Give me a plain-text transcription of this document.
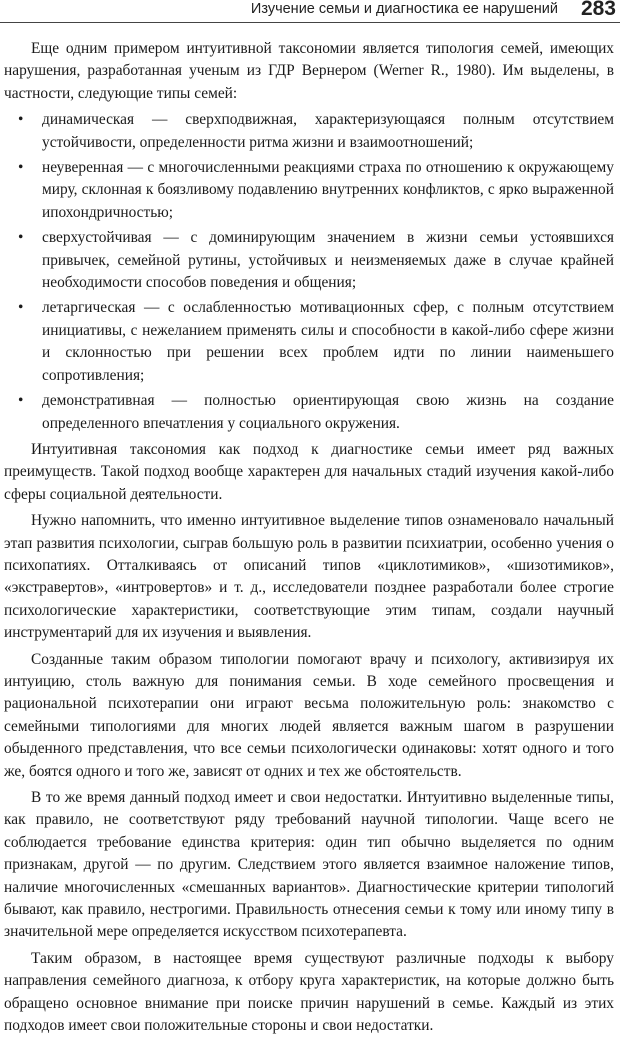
Изучение семьи и диагностика ее нарушений 283

Еще одним примером интуитивной таксономии является типология семей, имеющих нарушения, разработанная ученым из ГДР Вернером (Werner R., 1980). Им выделены, в частности, следующие типы семей:

• динамическая — сверхподвижная, характеризующаяся полным отсутствием устойчивости, определенности ритма жизни и взаимоотношений;
• неуверенная — с многочисленными реакциями страха по отношению к окружающему миру, склонная к боязливому подавлению внутренних конфликтов, с ярко выраженной ипохондричностью;
• сверхустойчивая — с доминирующим значением в жизни семьи устоявшихся привычек, семейной рутины, устойчивых и неизменяемых даже в случае крайней необходимости способов поведения и общения;
• летаргическая — с ослабленностью мотивационных сфер, с полным отсутствием инициативы, с нежеланием применять силы и способности в какой-либо сфере жизни и склонностью при решении всех проблем идти по линии наименьшего сопротивления;
• демонстративная — полностью ориентирующая свою жизнь на создание определенного впечатления у социального окружения.

Интуитивная таксономия как подход к диагностике семьи имеет ряд важных преимуществ. Такой подход вообще характерен для начальных стадий изучения какой-либо сферы социальной деятельности.

Нужно напомнить, что именно интуитивное выделение типов ознаменовало начальный этап развития психологии, сыграв большую роль в развитии психиатрии, особенно учения о психопатиях. Отталкиваясь от описаний типов «циклотимиков», «шизотимиков», «экстравертов», «интровертов» и т. д., исследователи позднее разработали более строгие психологические характеристики, соответствующие этим типам, создали научный инструментарий для их изучения и выявления.

Созданные таким образом типологии помогают врачу и психологу, активизируя их интуицию, столь важную для понимания семьи. В ходе семейного просвещения и рациональной психотерапии они играют весьма положительную роль: знакомство с семейными типологиями для многих людей является важным шагом в разрушении обыденного представления, что все семьи психологически одинаковы: хотят одного и того же, боятся одного и того же, зависят от одних и тех же обстоятельств.

В то же время данный подход имеет и свои недостатки. Интуитивно выделенные типы, как правило, не соответствуют ряду требований научной типологии. Чаще всего не соблюдается требование единства критерия: один тип обычно выделяется по одним признакам, другой — по другим. Следствием этого является взаимное наложение типов, наличие многочисленных «смешанных вариантов». Диагностические критерии типологий бывают, как правило, нестрогими. Правильность отнесения семьи к тому или иному типу в значительной мере определяется искусством психотерапевта.

Таким образом, в настоящее время существуют различные подходы к выбору направления семейного диагноза, к отбору круга характеристик, на которые должно быть обращено основное внимание при поиске причин нарушений в семье. Каждый из этих подходов имеет свои положительные стороны и свои недостатки.
